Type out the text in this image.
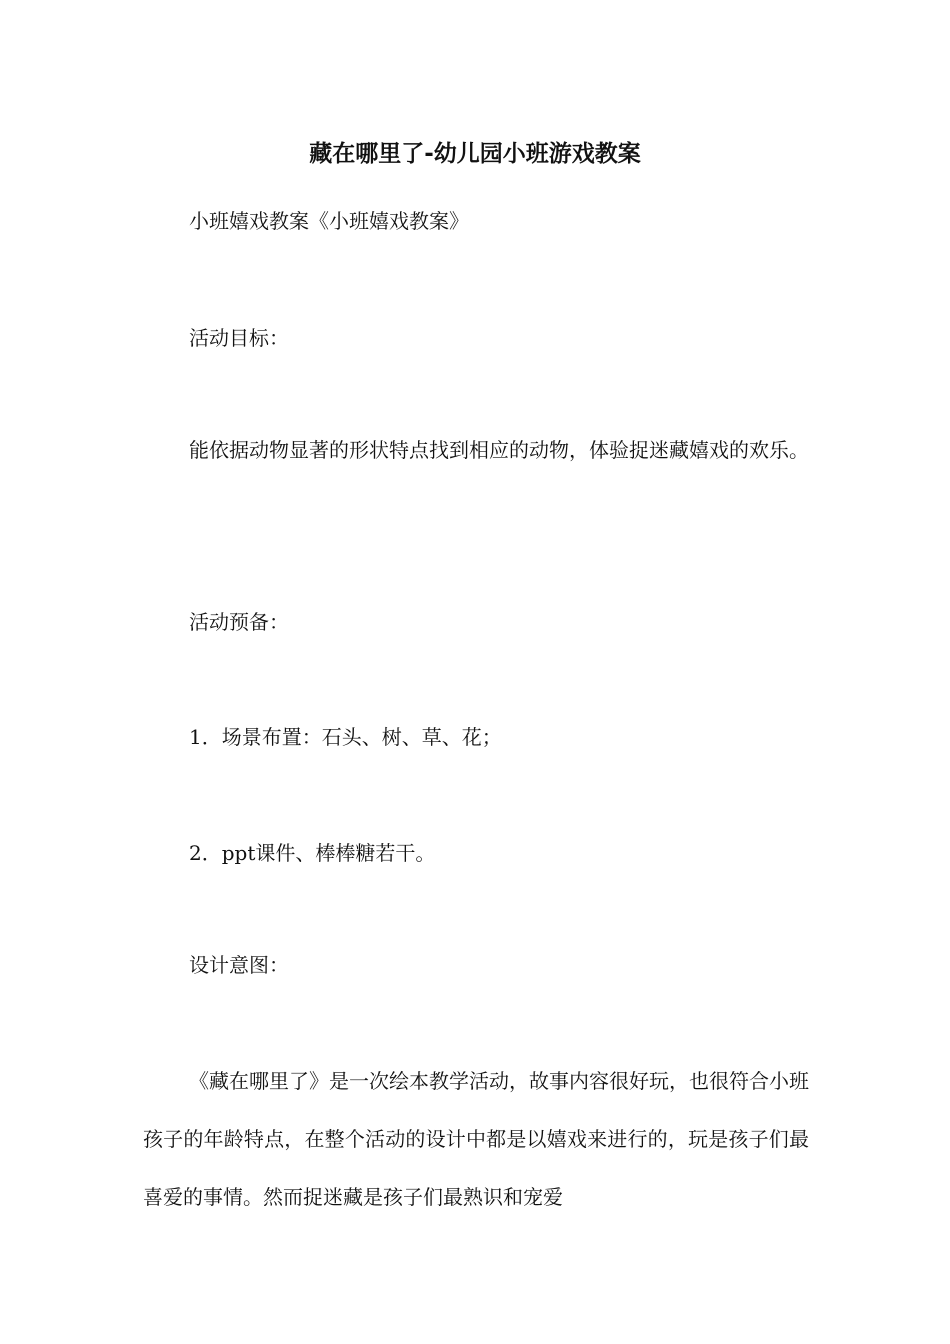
藏在哪里了-幼儿园小班游戏教案

小班嬉戏教案《小班嬉戏教案》

活动目标：

能依据动物显著的形状特点找到相应的动物，体验捉迷藏嬉戏的欢乐。

活动预备：

1．场景布置：石头、树、草、花；

2．ppt课件、棒棒糖若干。

设计意图：

《藏在哪里了》是一次绘本教学活动，故事内容很好玩，也很符合小班孩子的年龄特点，在整个活动的设计中都是以嬉戏来进行的，玩是孩子们最喜爱的事情。然而捉迷藏是孩子们最熟识和宠爱
